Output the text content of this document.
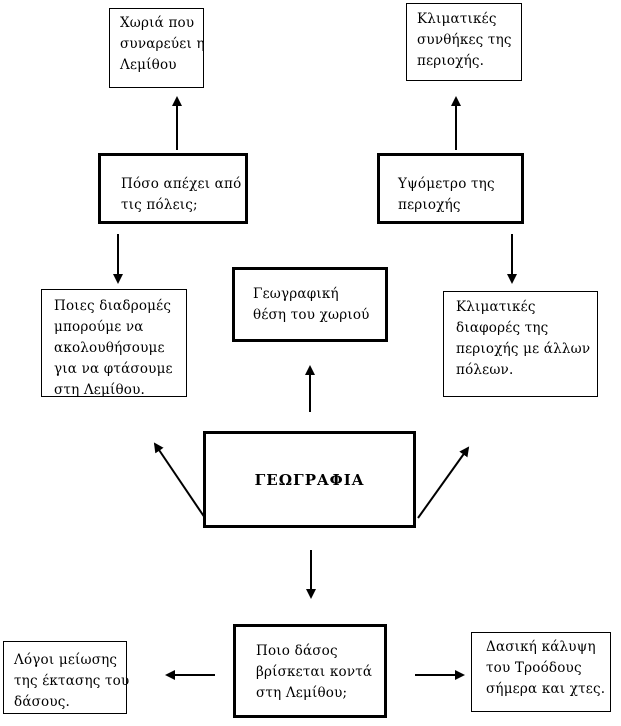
Χωριά που
συναρεύει η
Λεμίθου
Κλιματικές
συνθήκες της
περιοχής.
Πόσο απέχει από
τις πόλεις;
Υψόμετρο της
περιοχής
Ποιες διαδρομές
μπορούμε να
ακολουθήσουμε
για να φτάσουμε
στη Λεμίθου.
Γεωγραφική
θέση του χωριού	Κλιματικές
διαφορές της
περιοχής με άλλων
πόλεων.
ΓΕΩΓΡΑΦΙΑ
Λόγοι μείωσης
της έκτασης του
δάσους.
Ποιο δάσος
βρίσκεται κοντά
στη Λεμίθου;
Δασική κάλυψη
του Τροόδους
σήμερα και χτες.
